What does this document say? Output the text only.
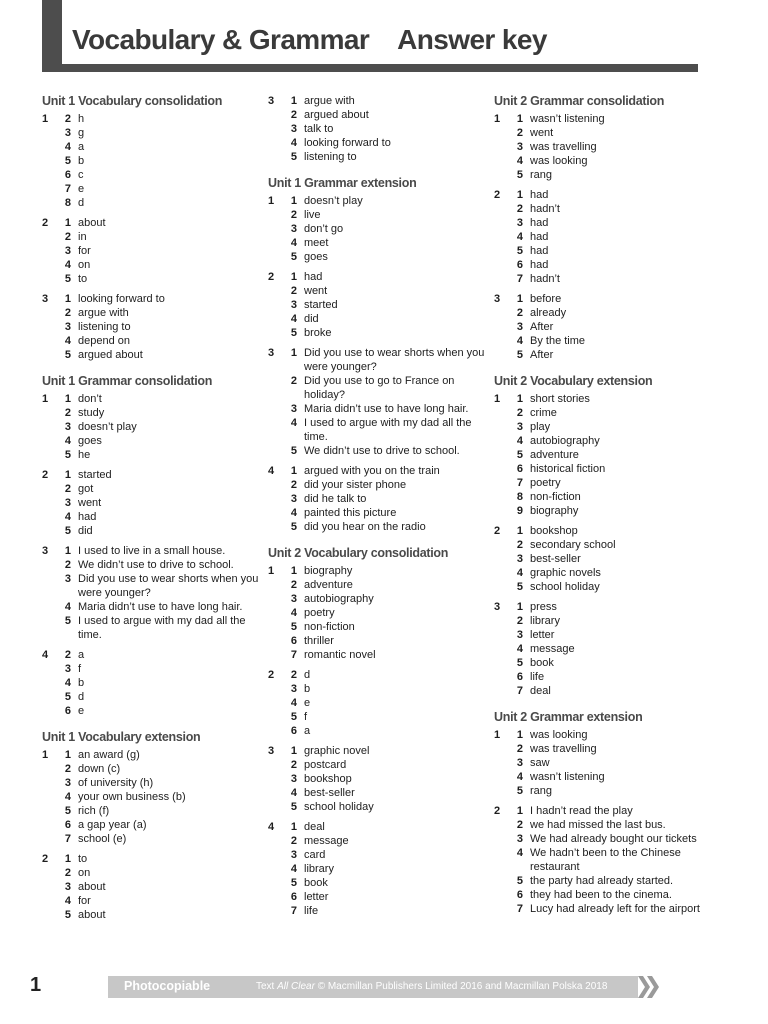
Vocabulary & Grammar Answer key
Unit 1 Vocabulary consolidation
1	2 h
3 g
4 a
5 b
6 c
7 e
8 d
2	1 about
2 in
3 for
4 on
5 to
3	1 looking forward to
2 argue with
3 listening to
4 depend on
5 argued about
Unit 1 Grammar consolidation
1	1 don’t
2 study
3 doesn’t play
4 goes
5 he
2	1 started
2 got
3 went
4 had
5 did
3	1 I used to live in a small house.
2 We didn’t use to drive to school.
3 Did you use to wear shorts when you were younger?
4 Maria didn’t use to have long hair.
5 I used to argue with my dad all the time.
4	2 a
3 f
4 b
5 d
6 e
Unit 1 Vocabulary extension
1	1 an award (g)
2 down (c)
3 of university (h)
4 your own business (b)
5 rich (f)
6 a gap year (a)
7 school (e)
2	1 to
2 on
3 about
4 for
5 about
3	1 argue with
2 argued about
3 talk to
4 looking forward to
5 listening to
Unit 1 Grammar extension
1	1 doesn’t play
2 live
3 don’t go
4 meet
5 goes
2	1 had
2 went
3 started
4 did
5 broke
3	1 Did you use to wear shorts when you were younger?
2 Did you use to go to France on holiday?
3 Maria didn’t use to have long hair.
4 I used to argue with my dad all the time.
5 We didn’t use to drive to school.
4	1 argued with you on the train
2 did your sister phone
3 did he talk to
4 painted this picture
5 did you hear on the radio
Unit 2 Vocabulary consolidation
1	1 biography
2 adventure
3 autobiography
4 poetry
5 non-fiction
6 thriller
7 romantic novel
2	2 d
3 b
4 e
5 f
6 a
3	1 graphic novel
2 postcard
3 bookshop
4 best-seller
5 school holiday
4	1 deal
2 message
3 card
4 library
5 book
6 letter
7 life
Unit 2 Grammar consolidation
1	1 wasn’t listening
2 went
3 was travelling
4 was looking
5 rang
2	1 had
2 hadn’t
3 had
4 had
5 had
6 had
7 hadn’t
3	1 before
2 already
3 After
4 By the time
5 After
Unit 2 Vocabulary extension
1	1 short stories
2 crime
3 play
4 autobiography
5 adventure
6 historical fiction
7 poetry
8 non-fiction
9 biography
2	1 bookshop
2 secondary school
3 best-seller
4 graphic novels
5 school holiday
3	1 press
2 library
3 letter
4 message
5 book
6 life
7 deal
Unit 2 Grammar extension
1	1 was looking
2 was travelling
3 saw
4 wasn’t listening
5 rang
2	1 I hadn’t read the play
2 we had missed the last bus.
3 We had already bought our tickets
4 We hadn’t been to the Chinese restaurant
5 the party had already started.
6 they had been to the cinema.
7 Lucy had already left for the airport
1	Photocopiable	Text All Clear © Macmillan Publishers Limited 2016 and Macmillan Polska 2018
